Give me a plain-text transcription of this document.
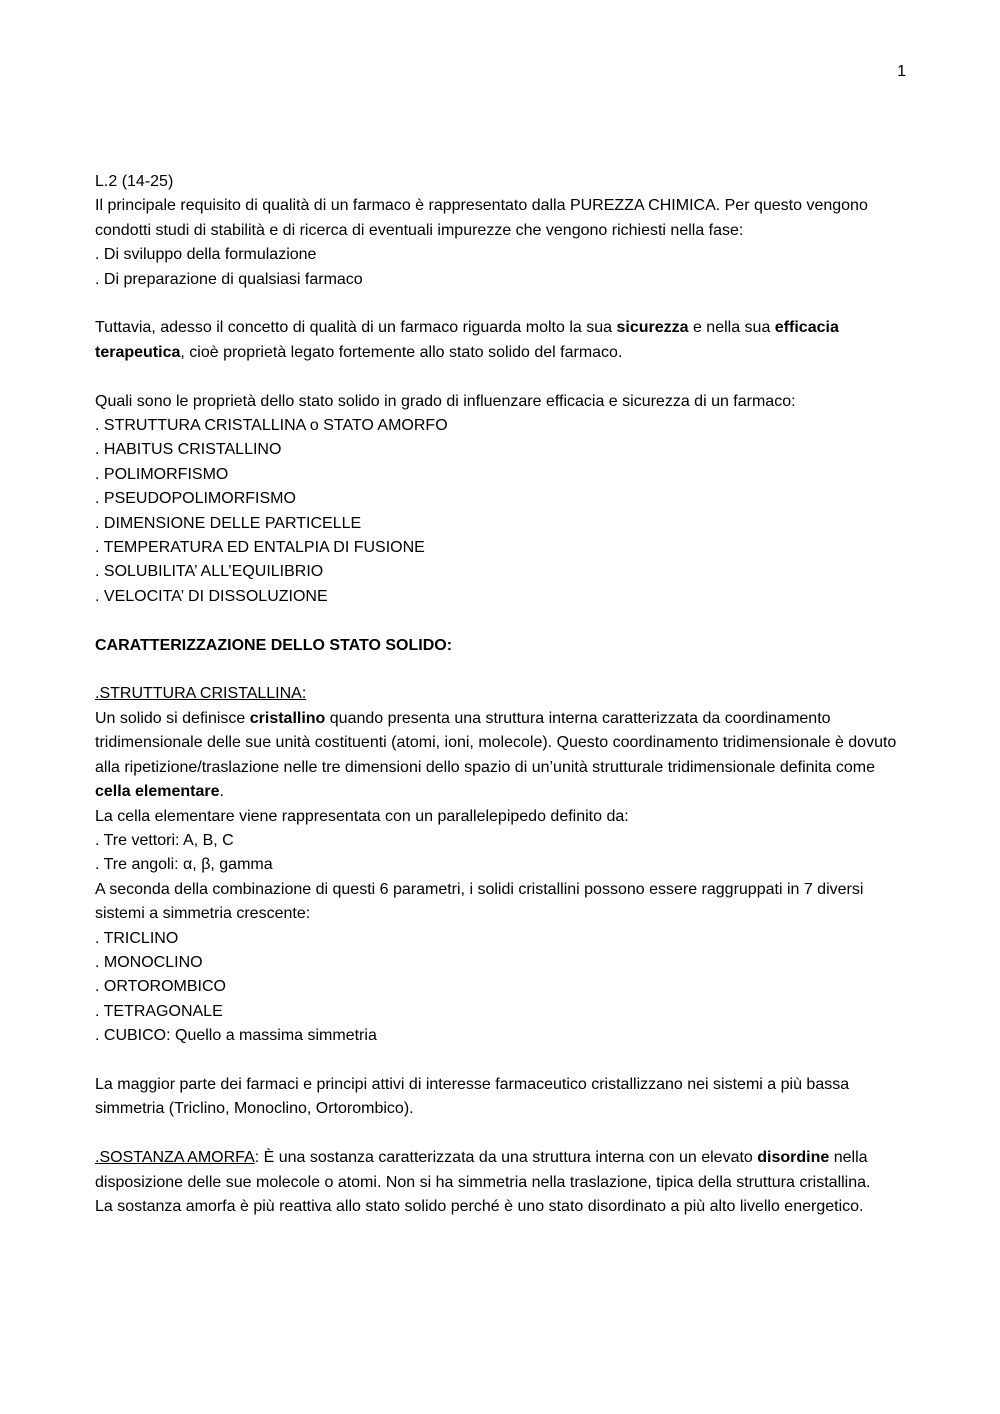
1

L.2 (14-25)

Il principale requisito di qualità di un farmaco è rappresentato dalla PUREZZA CHIMICA. Per questo vengono condotti studi di stabilità e di ricerca di eventuali impurezze che vengono richiesti nella fase:

. Di sviluppo della formulazione

. Di preparazione di qualsiasi farmaco

Tuttavia, adesso il concetto di qualità di un farmaco riguarda molto la sua sicurezza e nella sua efficacia terapeutica, cioè proprietà legato fortemente allo stato solido del farmaco.

Quali sono le proprietà dello stato solido in grado di influenzare efficacia e sicurezza di un farmaco:

. STRUTTURA CRISTALLINA o STATO AMORFO

. HABITUS CRISTALLINO

. POLIMORFISMO

. PSEUDOPOLIMORFISMO

. DIMENSIONE DELLE PARTICELLE

. TEMPERATURA ED ENTALPIA DI FUSIONE

. SOLUBILITA’ ALL’EQUILIBRIO

. VELOCITA’ DI DISSOLUZIONE

CARATTERIZZAZIONE DELLO STATO SOLIDO:

.STRUTTURA CRISTALLINA:

Un solido si definisce cristallino quando presenta una struttura interna caratterizzata da coordinamento tridimensionale delle sue unità costituenti (atomi, ioni, molecole). Questo coordinamento tridimensionale è dovuto alla ripetizione/traslazione nelle tre dimensioni dello spazio di un’unità strutturale tridimensionale definita come cella elementare.

La cella elementare viene rappresentata con un parallelepipedo definito da:

. Tre vettori: A, B, C

. Tre angoli: α, β, gamma

A seconda della combinazione di questi 6 parametri, i solidi cristallini possono essere raggruppati in 7 diversi sistemi a simmetria crescente:

. TRICLINO

. MONOCLINO

. ORTOROMBICO

. TETRAGONALE

. CUBICO: Quello a massima simmetria

La maggior parte dei farmaci e principi attivi di interesse farmaceutico cristallizzano nei sistemi a più bassa simmetria (Triclino, Monoclino, Ortorombico).

.SOSTANZA AMORFA: È una sostanza caratterizzata da una struttura interna con un elevato disordine nella disposizione delle sue molecole o atomi. Non si ha simmetria nella traslazione, tipica della struttura cristallina.

La sostanza amorfa è più reattiva allo stato solido perché è uno stato disordinato a più alto livello energetico.
